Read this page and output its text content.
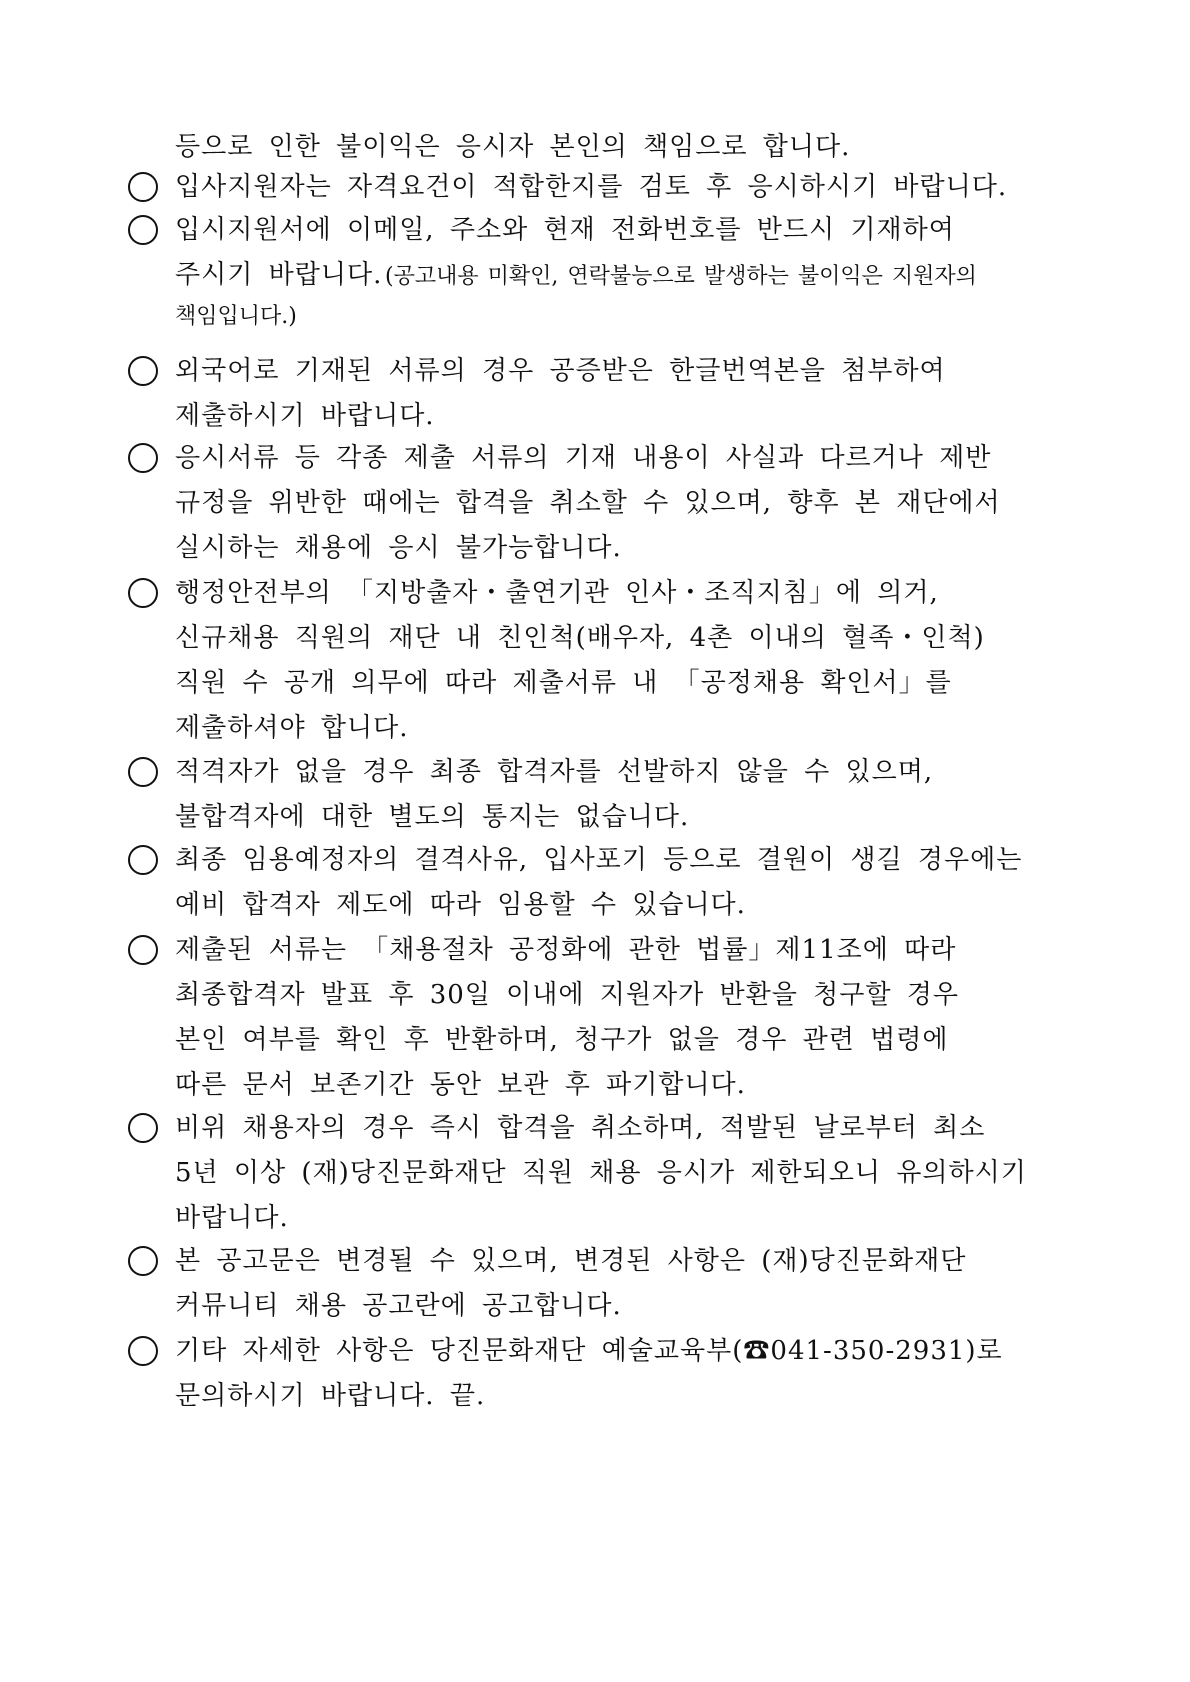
등으로 인한 불이익은 응시자 본인의 책임으로 합니다.
입사지원자는 자격요건이 적합한지를 검토 후 응시하시기 바랍니다.
입시지원서에 이메일, 주소와 현재 전화번호를 반드시 기재하여
주시기 바랍니다. (공고내용 미확인, 연락불능으로 발생하는 불이익은 지원자의
책임입니다.)
외국어로 기재된 서류의 경우 공증받은 한글번역본을 첨부하여
제출하시기 바랍니다.
응시서류 등 각종 제출 서류의 기재 내용이 사실과 다르거나 제반
규정을 위반한 때에는 합격을 취소할 수 있으며, 향후 본 재단에서
실시하는 채용에 응시 불가능합니다.
행정안전부의 「지방출자・출연기관 인사・조직지침」에 의거,
신규채용 직원의 재단 내 친인척(배우자, 4촌 이내의 혈족・인척)
직원 수 공개 의무에 따라 제출서류 내 「공정채용 확인서」를
제출하셔야 합니다.
적격자가 없을 경우 최종 합격자를 선발하지 않을 수 있으며,
불합격자에 대한 별도의 통지는 없습니다.
최종 임용예정자의 결격사유, 입사포기 등으로 결원이 생길 경우에는
예비 합격자 제도에 따라 임용할 수 있습니다.
제출된 서류는 「채용절차 공정화에 관한 법률」제11조에 따라
최종합격자 발표 후 30일 이내에 지원자가 반환을 청구할 경우
본인 여부를 확인 후 반환하며, 청구가 없을 경우 관련 법령에
따른 문서 보존기간 동안 보관 후 파기합니다.
비위 채용자의 경우 즉시 합격을 취소하며, 적발된 날로부터 최소
5년 이상 (재)당진문화재단 직원 채용 응시가 제한되오니 유의하시기
바랍니다.
본 공고문은 변경될 수 있으며, 변경된 사항은 (재)당진문화재단
커뮤니티 채용 공고란에 공고합니다.
기타 자세한 사항은 당진문화재단 예술교육부(☎041-350-2931)로
문의하시기 바랍니다. 끝.
